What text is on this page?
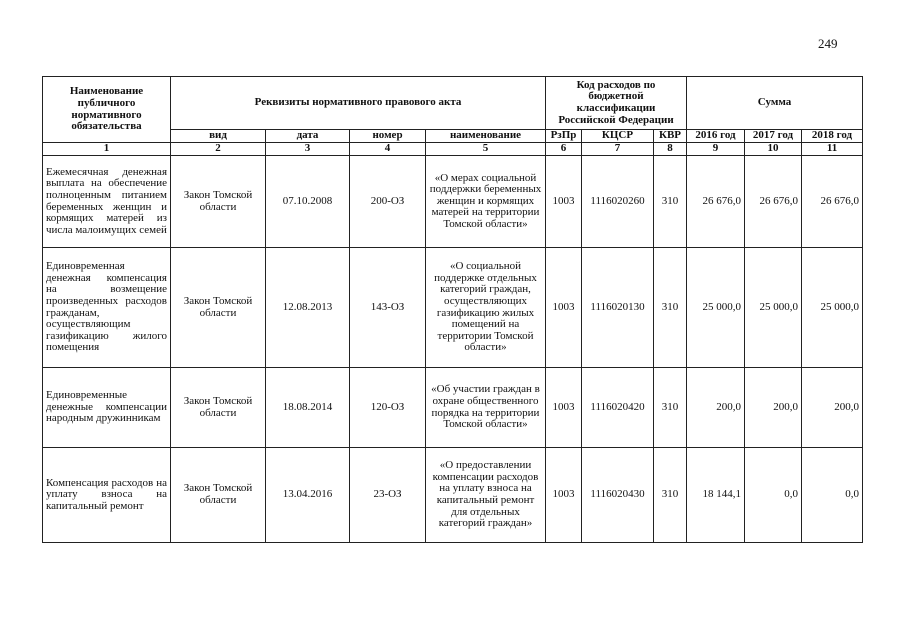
249
Наименование публичного нормативного обязательства	Реквизиты нормативного правового акта				Код расходов по бюджетной классификации Российской Федерации			Сумма		
	вид	дата	номер	наименование	РзПр	КЦСР	КВР	2016 год	2017 год	2018 год
1	2	3	4	5	6	7	8	9	10	11
Ежемесячная денежная выплата на обеспечение полноценным питанием беременных женщин и кормящих матерей из числа малоимущих семей	Закон Томской области	07.10.2008	200-ОЗ	«О мерах социальной поддержки беременных женщин и кормящих матерей на территории Томской области»	1003	1116020260	310	26 676,0	26 676,0	26 676,0
Единовременная денежная компенсация на возмещение произведенных расходов гражданам, осуществляющим газификацию жилого помещения	Закон Томской области	12.08.2013	143-ОЗ	«О социальной поддержке отдельных категорий граждан, осуществляющих газификацию жилых помещений на территории Томской области»	1003	1116020130	310	25 000,0	25 000,0	25 000,0
Единовременные денежные компенсации народным дружинникам	Закон Томской области	18.08.2014	120-ОЗ	«Об участии граждан в охране общественного порядка на территории Томской области»	1003	1116020420	310	200,0	200,0	200,0
Компенсация расходов на уплату взноса на капитальный ремонт	Закон Томской области	13.04.2016	23-ОЗ	«О предоставлении компенсации расходов на уплату взноса на капитальный ремонт для отдельных категорий граждан»	1003	1116020430	310	18 144,1	0,0	0,0
